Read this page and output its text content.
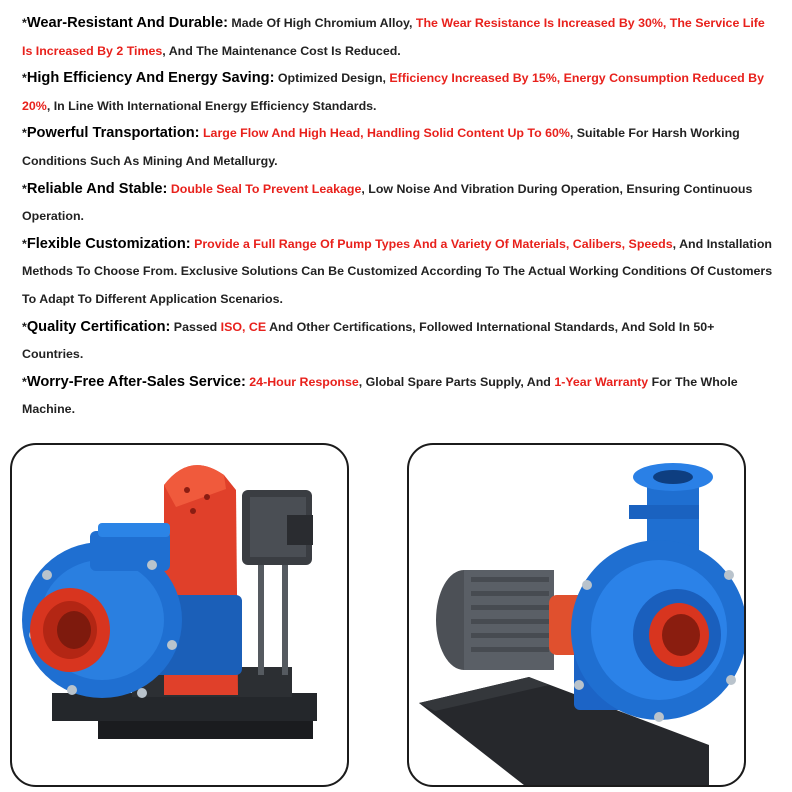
*Wear-Resistant And Durable: Made Of High Chromium Alloy, The Wear Resistance Is Increased By 30%, The Service Life Is Increased By 2 Times, And The Maintenance Cost Is Reduced.

*High Efficiency And Energy Saving: Optimized Design, Efficiency Increased By 15%, Energy Consumption Reduced By 20%, In Line With International Energy Efficiency Standards.

*Powerful Transportation: Large Flow And High Head, Handling Solid Content Up To 60%, Suitable For Harsh Working Conditions Such As Mining And Metallurgy.

*Reliable And Stable: Double Seal To Prevent Leakage, Low Noise And Vibration During Operation, Ensuring Continuous Operation.

*Flexible Customization: Provide a Full Range Of Pump Types And a Variety Of Materials, Calibers, Speeds, And Installation Methods To Choose From. Exclusive Solutions Can Be Customized According To The Actual Working Conditions Of Customers To Adapt To Different Application Scenarios.

*Quality Certification: Passed ISO, CE And Other Certifications, Followed International Standards, And Sold In 50+ Countries.

*Worry-Free After-Sales Service: 24-Hour Response, Global Spare Parts Supply, And 1-Year Warranty For The Whole Machine.
